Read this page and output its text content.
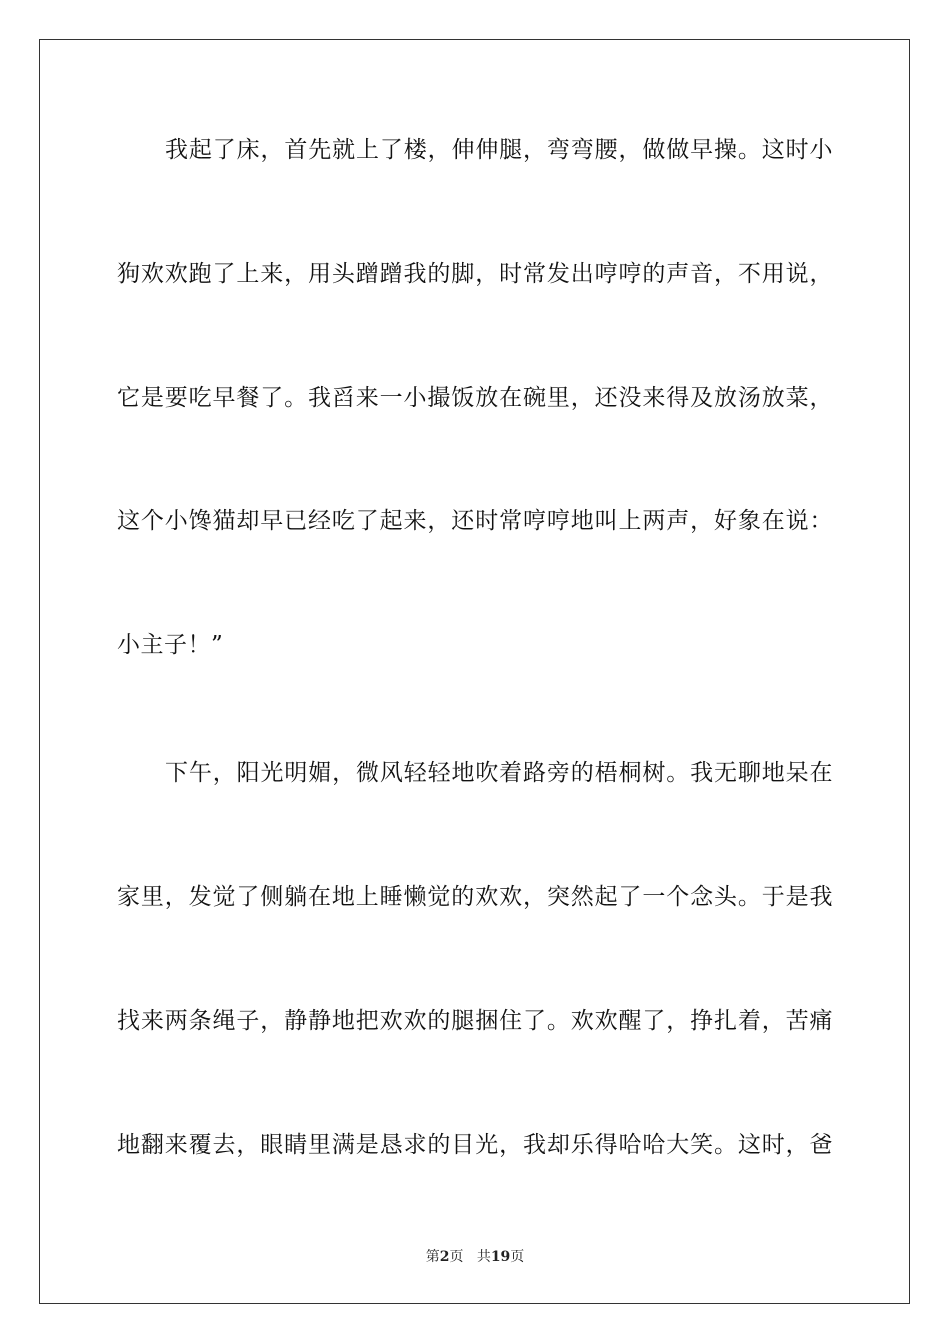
我起了床，首先就上了楼，伸伸腿，弯弯腰，做做早操。这时小
狗欢欢跑了上来，用头蹭蹭我的脚，时常发出哼哼的声音，不用说，
它是要吃早餐了。我舀来一小撮饭放在碗里，还没来得及放汤放菜，
这个小馋猫却早已经吃了起来，还时常哼哼地叫上两声，好象在说：
小主子！”
下午，阳光明媚，微风轻轻地吹着路旁的梧桐树。我无聊地呆在
家里，发觉了侧躺在地上睡懒觉的欢欢，突然起了一个念头。于是我
找来两条绳子，静静地把欢欢的腿捆住了。欢欢醒了，挣扎着，苦痛
地翻来覆去，眼睛里满是恳求的目光，我却乐得哈哈大笑。这时，爸
第2页 共19页
